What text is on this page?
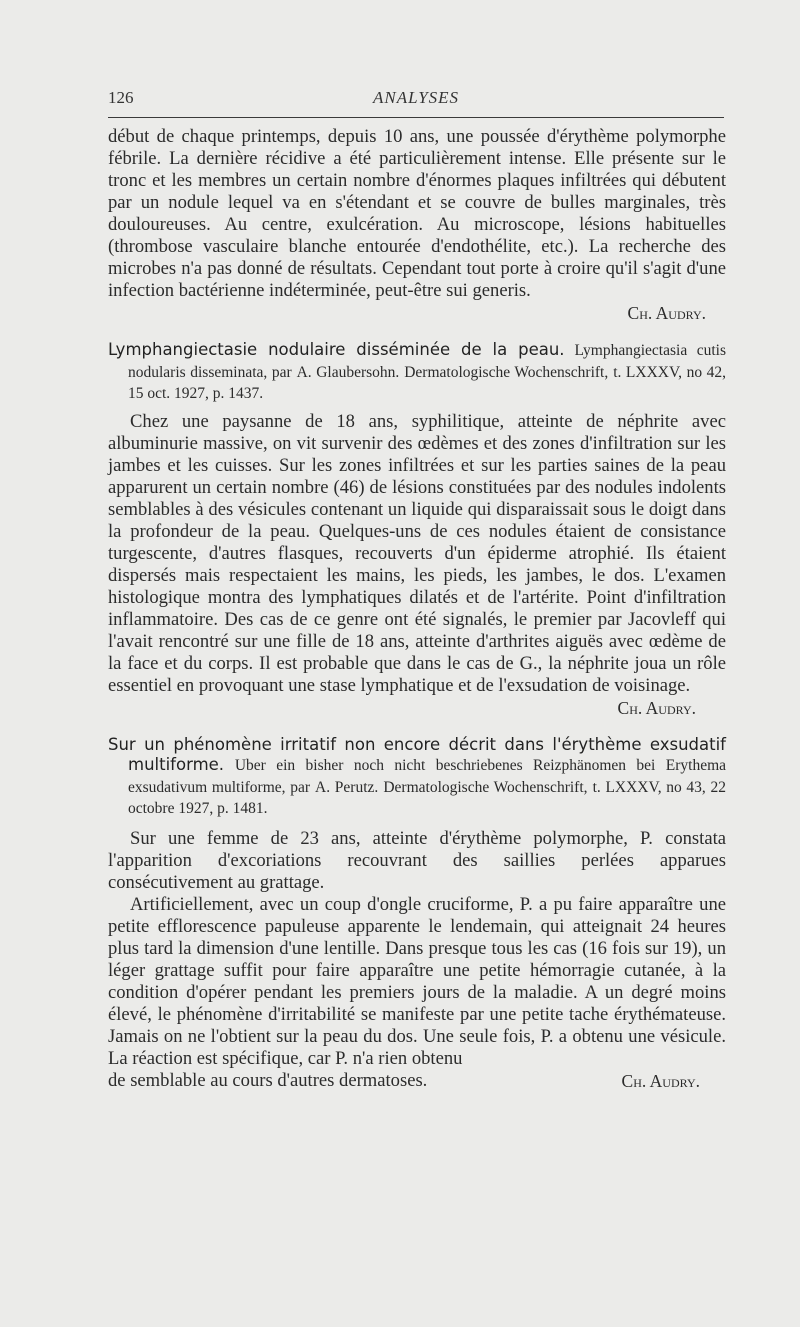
126	ANALYSES

début de chaque printemps, depuis 10 ans, une poussée d'érythème polymorphe fébrile. La dernière récidive a été particulièrement intense. Elle présente sur le tronc et les membres un certain nombre d'énormes plaques infiltrées qui débutent par un nodule lequel va en s'étendant et se couvre de bulles marginales, très douloureuses. Au centre, exulcération. Au microscope, lésions habituelles (thrombose vasculaire blanche entourée d'endothélite, etc.). La recherche des microbes n'a pas donné de résultats. Cependant tout porte à croire qu'il s'agit d'une infection bactérienne indéterminée, peut-être sui generis.

Ch. Audry.

Lymphangiectasie nodulaire disséminée de la peau. Lymphangiectasia cutis nodularis disseminata, par A. Glaubersohn. Dermatologische Wochenschrift, t. LXXXV, no 42, 15 oct. 1927, p. 1437.

Chez une paysanne de 18 ans, syphilitique, atteinte de néphrite avec albuminurie massive, on vit survenir des œdèmes et des zones d'infiltration sur les jambes et les cuisses. Sur les zones infiltrées et sur les parties saines de la peau apparurent un certain nombre (46) de lésions constituées par des nodules indolents semblables à des vésicules contenant un liquide qui disparaissait sous le doigt dans la profondeur de la peau. Quelques-uns de ces nodules étaient de consistance turgescente, d'autres flasques, recouverts d'un épiderme atrophié. Ils étaient dispersés mais respectaient les mains, les pieds, les jambes, le dos. L'examen histologique montra des lymphatiques dilatés et de l'artérite. Point d'infiltration inflammatoire. Des cas de ce genre ont été signalés, le premier par Jacovleff qui l'avait rencontré sur une fille de 18 ans, atteinte d'arthrites aiguës avec œdème de la face et du corps. Il est probable que dans le cas de G., la néphrite joua un rôle essentiel en provoquant une stase lymphatique et de l'exsudation de voisinage.

Ch. Audry.

Sur un phénomène irritatif non encore décrit dans l'érythème exsudatif multiforme. Uber ein bisher noch nicht beschriebenes Reizphänomen bei Erythema exsudativum multiforme, par A. Perutz. Dermatologische Wochenschrift, t. LXXXV, no 43, 22 octobre 1927, p. 1481.

Sur une femme de 23 ans, atteinte d'érythème polymorphe, P. constata l'apparition d'excoriations recouvrant des saillies perlées apparues consécutivement au grattage.

Artificiellement, avec un coup d'ongle cruciforme, P. a pu faire apparaître une petite efflorescence papuleuse apparente le lendemain, qui atteignait 24 heures plus tard la dimension d'une lentille. Dans presque tous les cas (16 fois sur 19), un léger grattage suffit pour faire apparaître une petite hémorragie cutanée, à la condition d'opérer pendant les premiers jours de la maladie. A un degré moins élevé, le phénomène d'irritabilité se manifeste par une petite tache érythémateuse. Jamais on ne l'obtient sur la peau du dos. Une seule fois, P. a obtenu une vésicule. La réaction est spécifique, car P. n'a rien obtenu

de semblable au cours d'autres dermatoses.	Ch. Audry.
